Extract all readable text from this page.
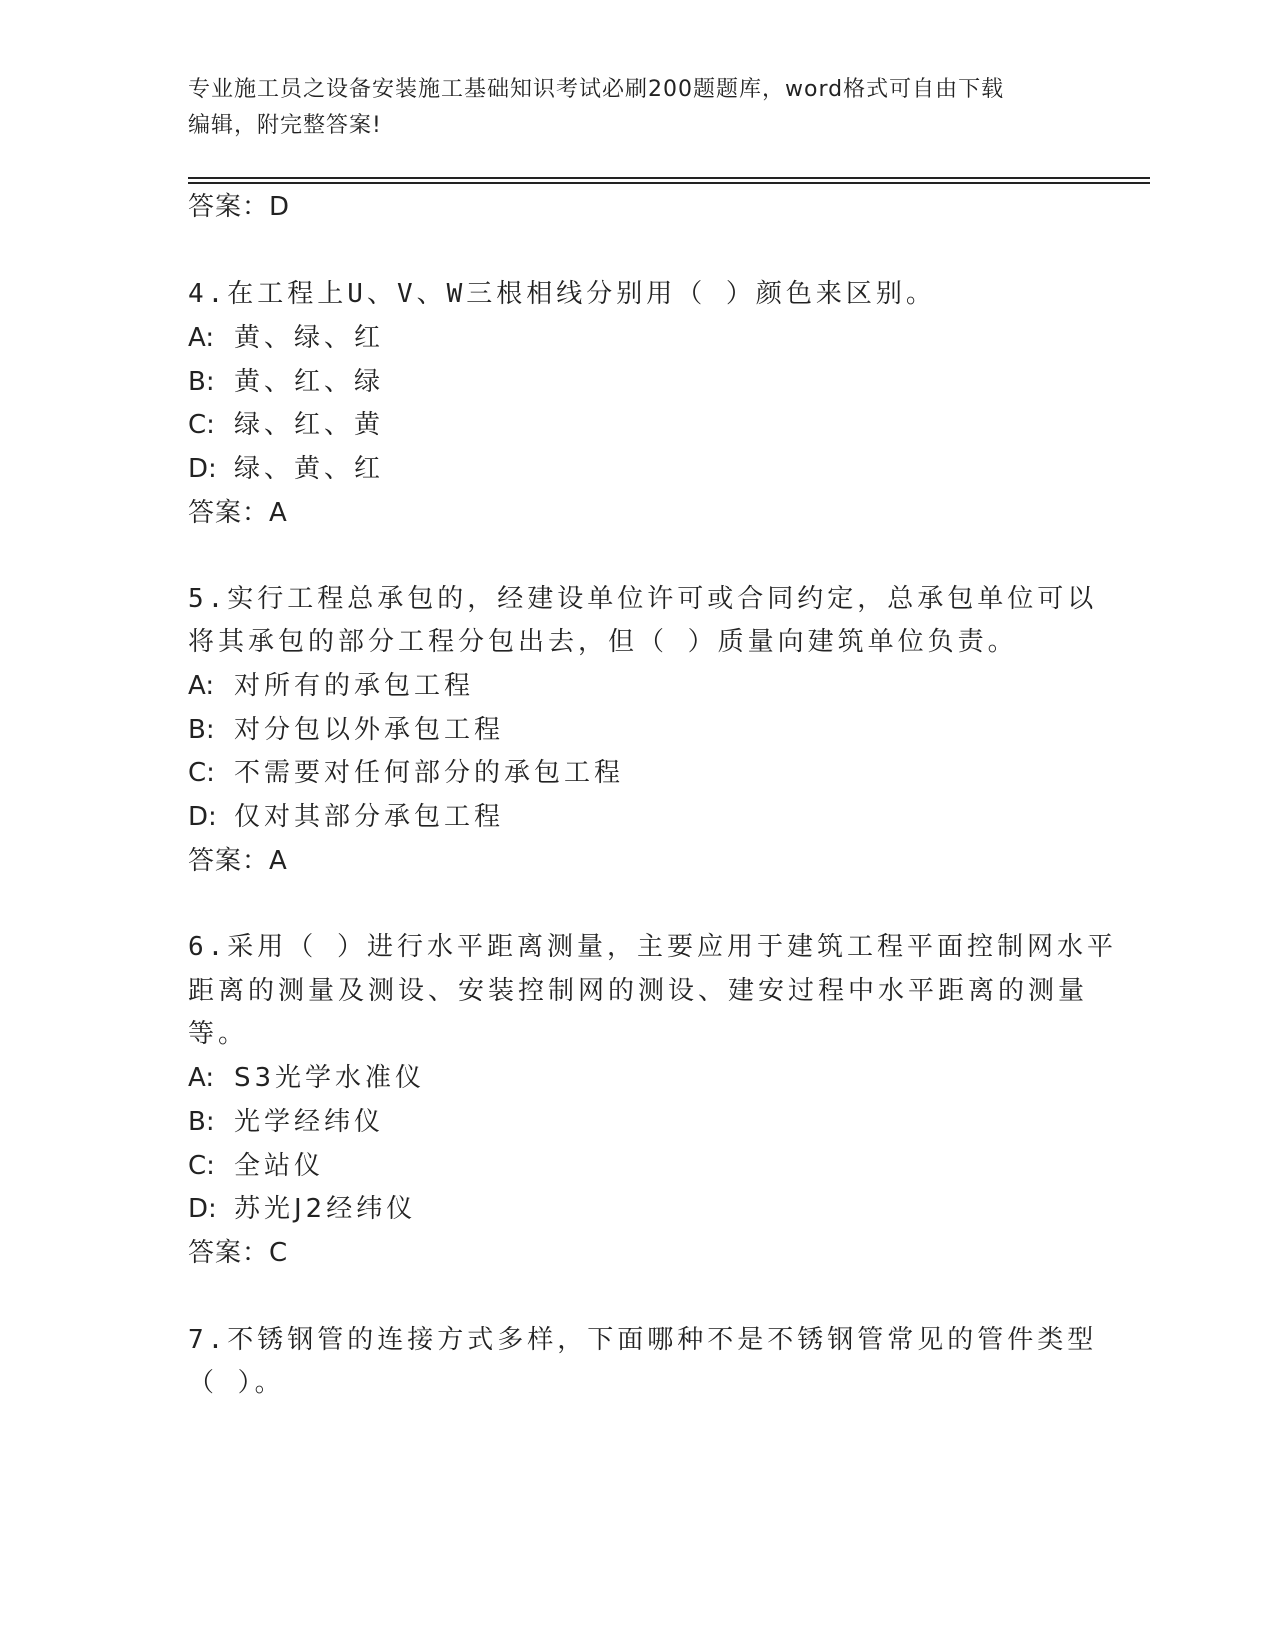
专业施工员之设备安装施工基础知识考试必刷200题题库，word格式可自由下载
编辑，附完整答案!
答案：D
4.在工程上U、V、W三根相线分别用（ ）颜色来区别。
A: 黄、绿、红
B: 黄、红、绿
C: 绿、红、黄
D: 绿、黄、红
答案：A
5.实行工程总承包的，经建设单位许可或合同约定，总承包单位可以
将其承包的部分工程分包出去，但（ ）质量向建筑单位负责。
A: 对所有的承包工程
B: 对分包以外承包工程
C: 不需要对任何部分的承包工程
D: 仅对其部分承包工程
答案：A
6.采用（ ）进行水平距离测量，主要应用于建筑工程平面控制网水平
距离的测量及测设、安装控制网的测设、建安过程中水平距离的测量
等。
A: S3光学水准仪
B: 光学经纬仪
C: 全站仪
D: 苏光J2经纬仪
答案：C
7.不锈钢管的连接方式多样，下面哪种不是不锈钢管常见的管件类型
（ ）。
